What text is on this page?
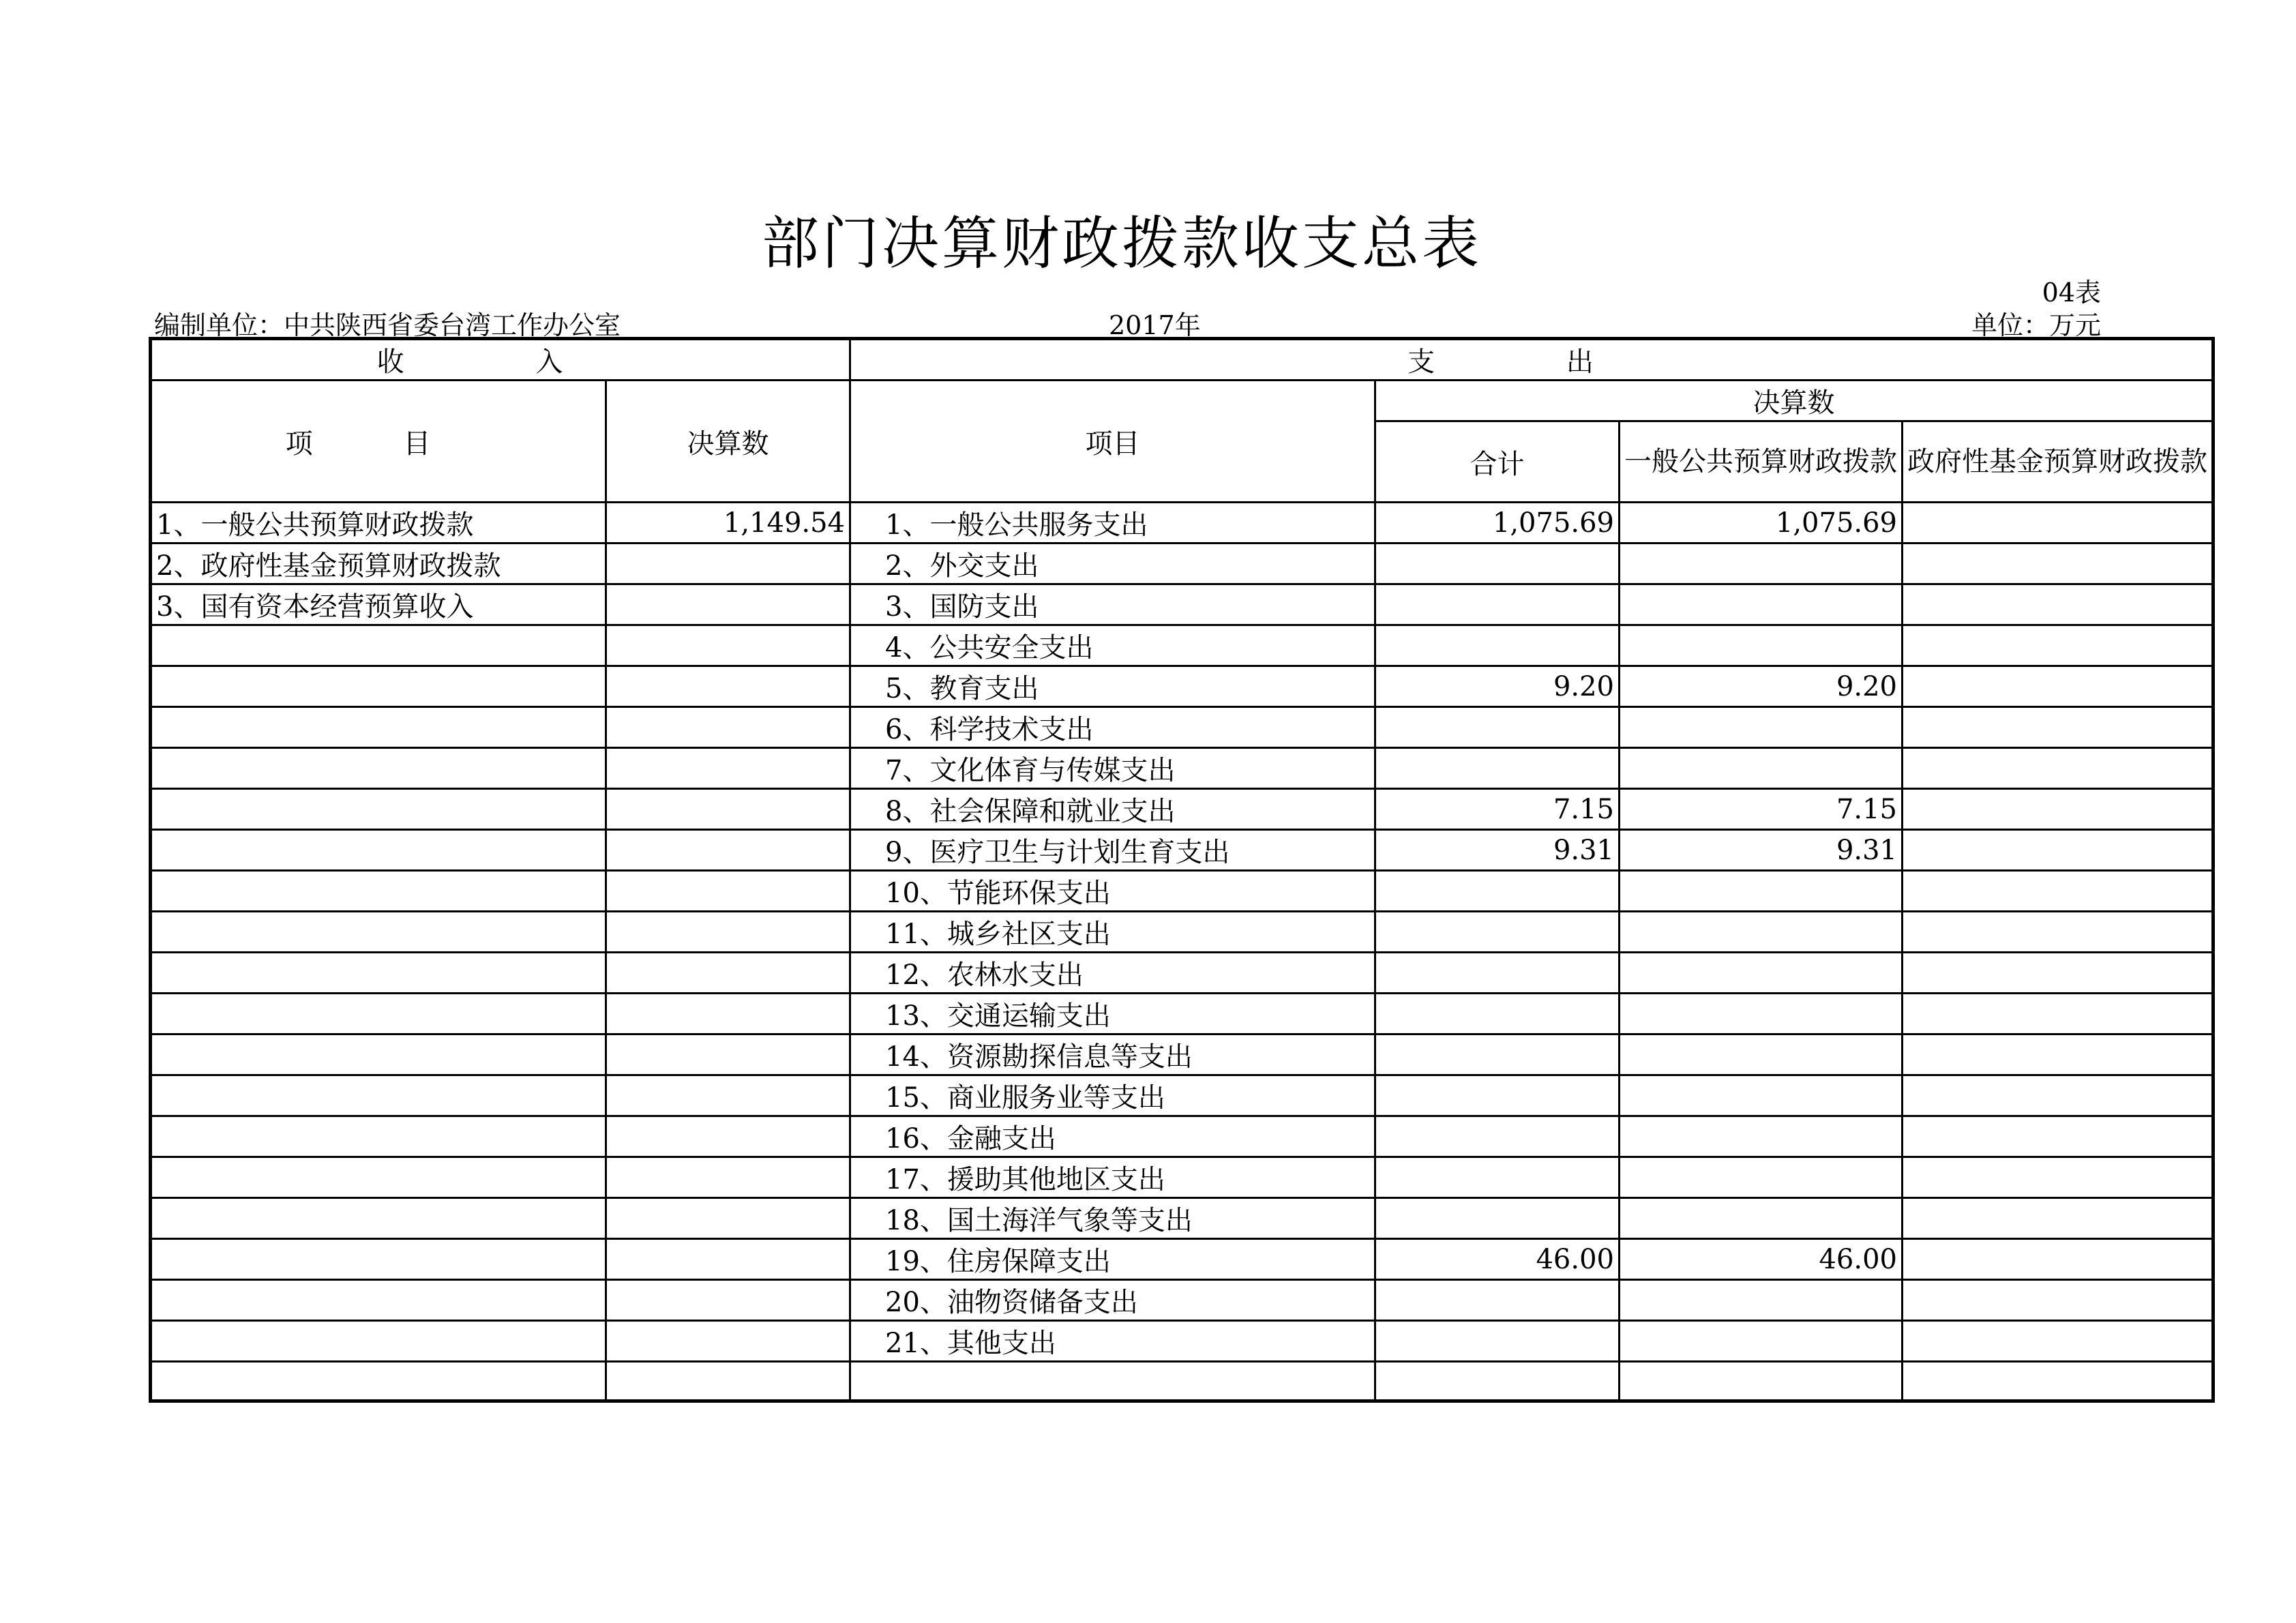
部门决算财政拨款收支总表
04表
编制单位：中共陕西省委台湾工作办公室	2017年	单位：万元
收 入		支 出			
项 目	决算数	项目	决算数		
			合计	一般公共预算财政拨款	政府性基金预算财政拨款
1、一般公共预算财政拨款	1,149.54	1、一般公共服务支出	1,075.69	1,075.69	
2、政府性基金预算财政拨款		2、外交支出			
3、国有资本经营预算收入		3、国防支出			
		4、公共安全支出			
		5、教育支出	9.20	9.20	
		6、科学技术支出			
		7、文化体育与传媒支出			
		8、社会保障和就业支出	7.15	7.15	
		9、医疗卫生与计划生育支出	9.31	9.31	
		10、节能环保支出			
		11、城乡社区支出			
		12、农林水支出			
		13、交通运输支出			
		14、资源勘探信息等支出			
		15、商业服务业等支出			
		16、金融支出			
		17、援助其他地区支出			
		18、国土海洋气象等支出			
		19、住房保障支出	46.00	46.00	
		20、油物资储备支出			
		21、其他支出			
